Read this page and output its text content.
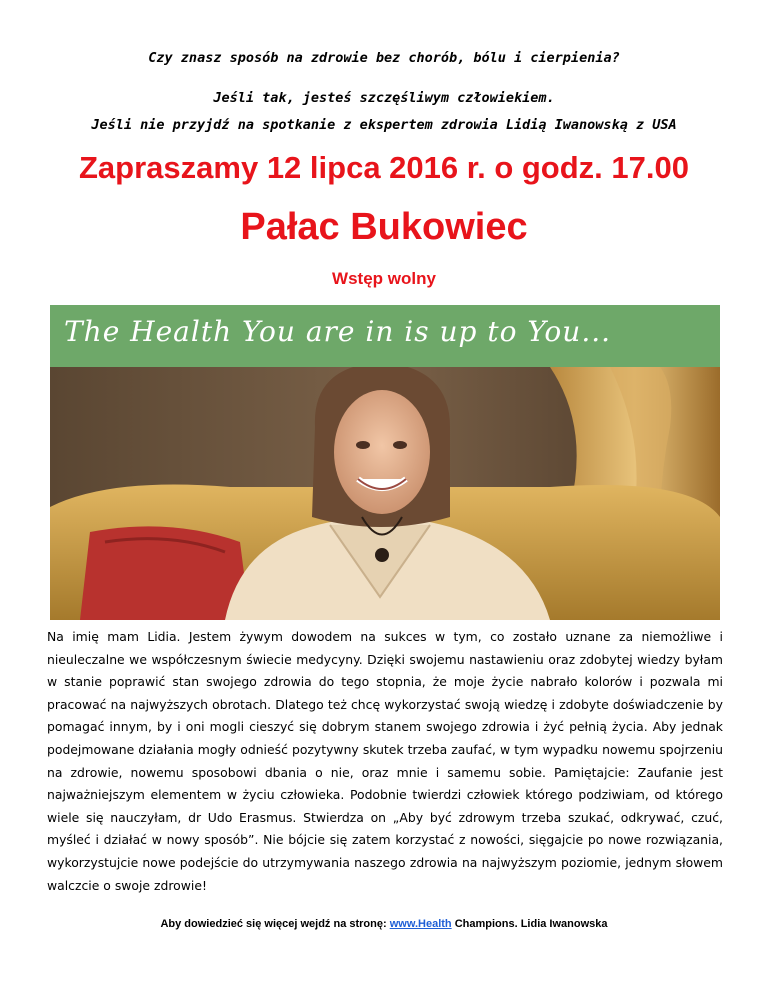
Czy znasz sposób na zdrowie bez chorób, bólu i cierpienia?
Jeśli tak, jesteś szczęśliwym człowiekiem.
Jeśli nie przyjdź na spotkanie z ekspertem zdrowia Lidią Iwanowską z USA
Zapraszamy 12 lipca 2016 r. o godz. 17.00
Pałac Bukowiec
Wstęp wolny
The Health You are in is up to You...
Na imię mam Lidia. Jestem żywym dowodem na sukces w tym, co zostało uznane za niemożliwe i nieuleczalne we współczesnym świecie medycyny. Dzięki swojemu nastawieniu oraz zdobytej wiedzy byłam w stanie poprawić stan swojego zdrowia do tego stopnia, że moje życie nabrało kolorów i pozwala mi pracować na najwyższych obrotach. Dlatego też chcę wykorzystać swoją wiedzę i zdobyte doświadczenie by pomagać innym, by i oni mogli cieszyć się dobrym stanem swojego zdrowia i żyć pełnią życia. Aby jednak podejmowane działania mogły odnieść pozytywny skutek trzeba zaufać, w tym wypadku nowemu spojrzeniu na zdrowie, nowemu sposobowi dbania o nie, oraz mnie i samemu sobie. Pamiętajcie: Zaufanie jest najważniejszym elementem w życiu człowieka. Podobnie twierdzi człowiek którego podziwiam, od którego wiele się nauczyłam, dr Udo Erasmus. Stwierdza on „Aby być zdrowym trzeba szukać, odkrywać, czuć, myśleć i działać w nowy sposób”. Nie bójcie się zatem korzystać z nowości, sięgajcie po nowe rozwiązania, wykorzystujcie nowe podejście do utrzymywania naszego zdrowia na najwyższym poziomie, jednym słowem walczcie o swoje zdrowie!
Aby dowiedzieć się więcej wejdź na stronę: www.Health Champions. Lidia Iwanowska
